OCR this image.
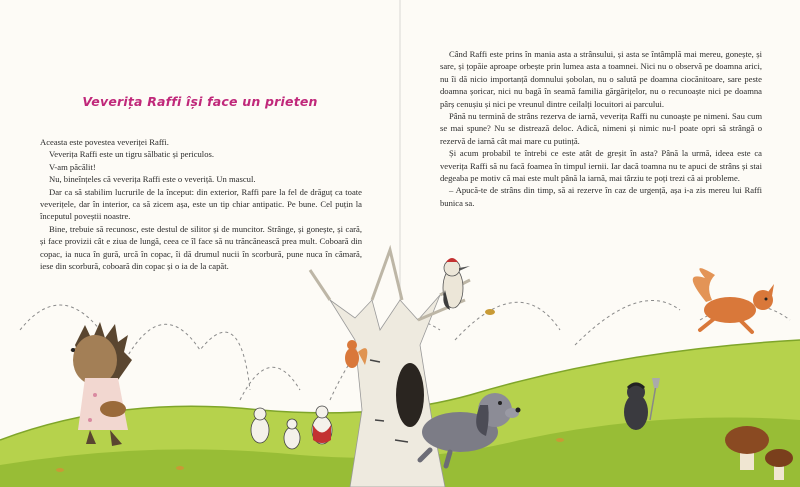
Veverița Raffi își face un prieten

Aceasta este povestea veveriței Raffi.

Veverița Raffi este un tigru sălbatic și periculos.

V-am păcălit!

Nu, bineînțeles că veverița Raffi este o veveriță. Un mascul.

Dar ca să stabilim lucrurile de la început: din exterior, Raffi pare la fel de drăguț ca toate veverițele, dar în interior, ca să zicem așa, este un tip chiar antipatic. Pe bune. Cel puțin la începutul poveștii noastre.

Bine, trebuie să recunosc, este destul de silitor și de muncitor. Strânge, și gonește, și cară, și face provizii cât e ziua de lungă, ceea ce îl face să nu trăncănească prea mult. Coboară din copac, ia nuca în gură, urcă în copac, îi dă drumul nucii în scorbură, pune nuca în cămară, iese din scorbură, coboară din copac și o ia de la capăt.

Când Raffi este prins în mania asta a strânsului, și asta se întâmplă mai mereu, gonește, și sare, și țopăie aproape orbește prin lumea asta a toamnei. Nici nu o observă pe doamna arici, nu îi dă nicio importanță domnului șobolan, nu o salută pe doamna ciocănitoare, sare peste doamna șoricar, nici nu bagă în seamă familia gărgărițelor, nu o recunoaște nici pe doamna pârș cenușiu și nici pe vreunul dintre ceilalți locuitori ai parcului.

Până nu termină de strâns rezerva de iarnă, veverița Raffi nu cunoaște pe nimeni. Sau cum se mai spune? Nu se distrează deloc. Adică, nimeni și nimic nu-l poate opri să strângă o rezervă de iarnă cât mai mare cu putință.

Și acum probabil te întrebi ce este atât de greșit în asta? Până la urmă, ideea este ca veverița Raffi să nu facă foamea în timpul iernii. Iar dacă toamna nu te apuci de strâns și stai degeaba pe motiv că mai este mult până la iarnă, mai târziu te poți trezi că ai probleme.

– Apucă-te de strâns din timp, să ai rezerve în caz de urgență, așa i-a zis mereu lui Raffi bunica sa.
